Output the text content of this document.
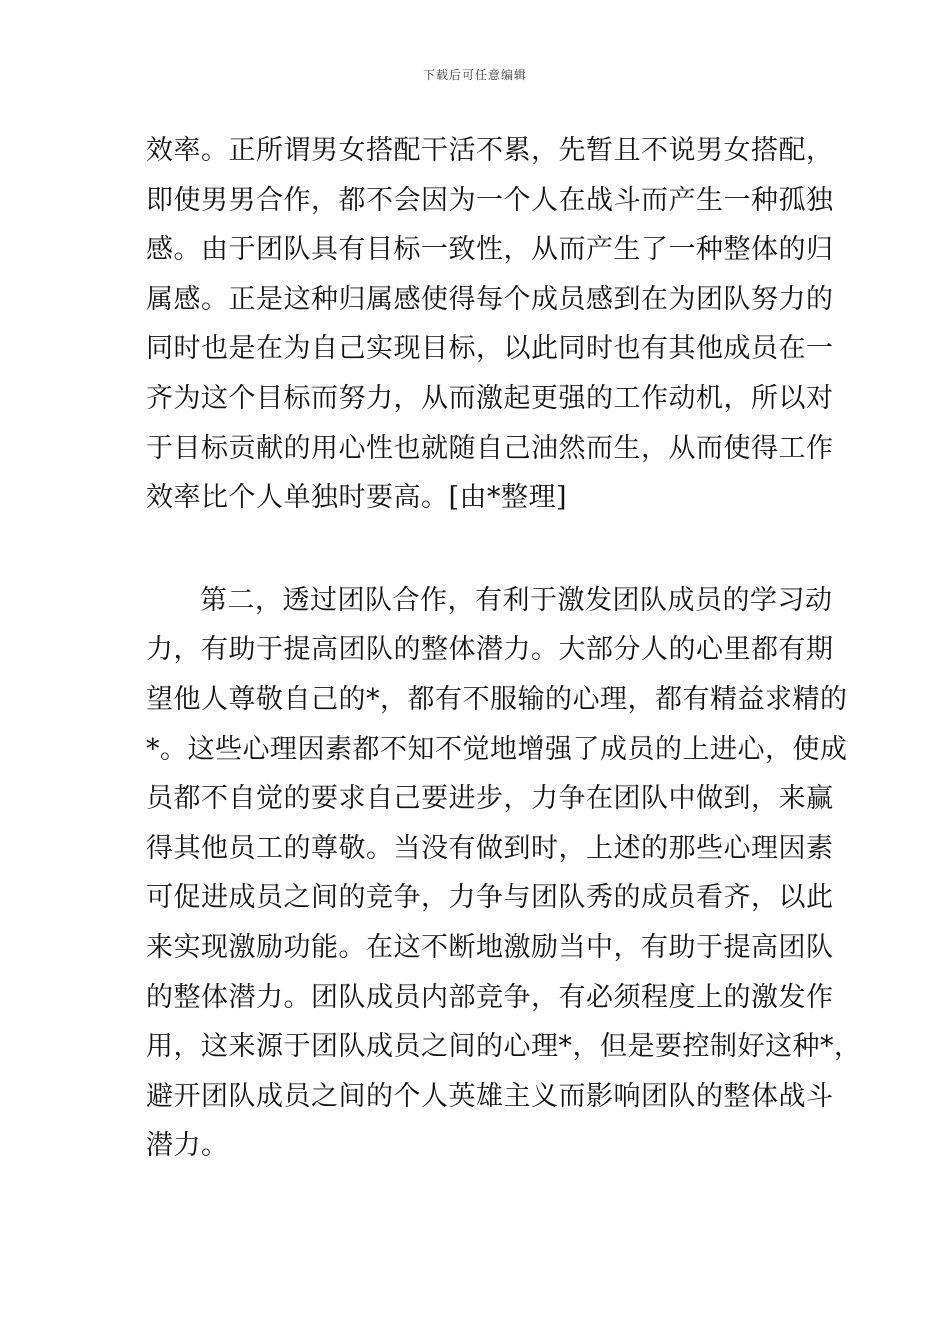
下载后可任意编辑

效率。正所谓男女搭配干活不累，先暂且不说男女搭配，
即使男男合作，都不会因为一个人在战斗而产生一种孤独
感。由于团队具有目标一致性，从而产生了一种整体的归
属感。正是这种归属感使得每个成员感到在为团队努力的
同时也是在为自己实现目标，以此同时也有其他成员在一
齐为这个目标而努力，从而激起更强的工作动机，所以对
于目标贡献的用心性也就随自己油然而生，从而使得工作
效率比个人单独时要高。[由*整理]

第二，透过团队合作，有利于激发团队成员的学习动
力，有助于提高团队的整体潜力。大部分人的心里都有期
望他人尊敬自己的*，都有不服输的心理，都有精益求精的
*。这些心理因素都不知不觉地增强了成员的上进心，使成
员都不自觉的要求自己要进步，力争在团队中做到，来赢
得其他员工的尊敬。当没有做到时，上述的那些心理因素
可促进成员之间的竞争，力争与团队秀的成员看齐，以此
来实现激励功能。在这不断地激励当中，有助于提高团队
的整体潜力。团队成员内部竞争，有必须程度上的激发作
用，这来源于团队成员之间的心理*，但是要控制好这种*，
避开团队成员之间的个人英雄主义而影响团队的整体战斗
潜力。
